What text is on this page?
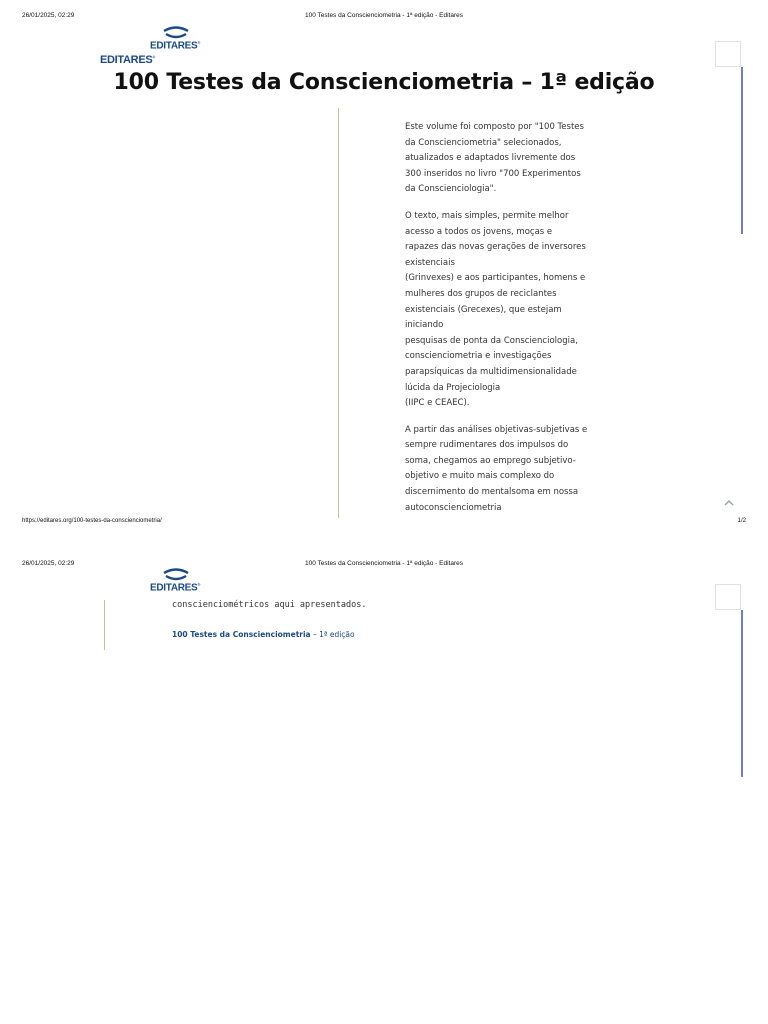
26/01/2025, 02:29	100 Testes da Conscienciometria - 1ª edição - Editares
EDITARES®
EDITARES®
100 Testes da Conscienciometria – 1ª edição

Este volume foi composto por "100 Testes
da Conscienciometria" selecionados,
atualizados e adaptados livremente dos
300 inseridos no livro "700 Experimentos
da Conscienciologia".

O texto, mais simples, permite melhor
acesso a todos os jovens, moças e
rapazes das novas gerações de inversores
existenciais
(Grinvexes) e aos participantes, homens e
mulheres dos grupos de reciclantes
existenciais (Grecexes), que estejam
iniciando
pesquisas de ponta da Conscienciologia,
conscienciometria e investigações
parapsíquicas da multidimensionalidade
lúcida da Projeciologia
(IIPC e CEAEC).

A partir das análises objetivas-subjetivas e
sempre rudimentares dos impulsos do
soma, chegamos ao emprego subjetivo-
objetivo e muito mais complexo do
discernimento do mentalsoma em nossa
autoconscienciometria

https://editares.org/100-testes-da-conscienciometria/	1/2
26/01/2025, 02:29	100 Testes da Conscienciometria - 1ª edição - Editares
EDITARES®
conscienciométricos aqui apresentados.
100 Testes da Conscienciometria – 1ª edição
